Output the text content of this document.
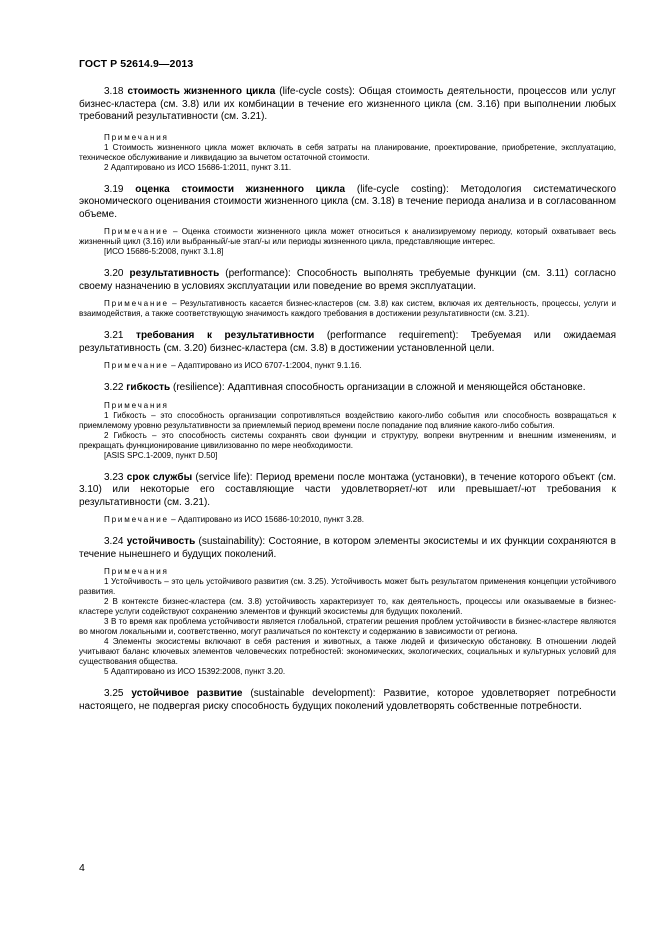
ГОСТ Р 52614.9—2013

3.18 стоимость жизненного цикла (life-cycle costs): Общая стоимость деятельности, процессов или услуг бизнес-кластера (см. 3.8) или их комбинации в течение его жизненного цикла (см. 3.16) при выполнении любых требований результативности (см. 3.21).

Примечания

1 Стоимость жизненного цикла может включать в себя затраты на планирование, проектирование, приобретение, эксплуатацию, техническое обслуживание и ликвидацию за вычетом остаточной стоимости.

2 Адаптировано из ИСО 15686-1:2011, пункт 3.11.

3.19 оценка стоимости жизненного цикла (life-cycle costing): Методология систематического экономического оценивания стоимости жизненного цикла (см. 3.18) в течение периода анализа и в согласованном объеме.

Примечание – Оценка стоимости жизненного цикла может относиться к анализируемому периоду, который охватывает весь жизненный цикл (3.16) или выбранный/-ые этап/-ы или периоды жизненного цикла, представляющие интерес.

[ИСО 15686-5:2008, пункт 3.1.8]

3.20 результативность (performance): Способность выполнять требуемые функции (см. 3.11) согласно своему назначению в условиях эксплуатации или поведение во время эксплуатации.

Примечание – Результативность касается бизнес-кластеров (см. 3.8) как систем, включая их деятельность, процессы, услуги и взаимодействия, а также соответствующую значимость каждого требования в достижении результативности (см. 3.21).

3.21 требования к результативности (performance requirement): Требуемая или ожидаемая результативность (см. 3.20) бизнес-кластера (см. 3.8) в достижении установленной цели.

Примечание – Адаптировано из ИСО 6707-1:2004, пункт 9.1.16.

3.22 гибкость (resilience): Адаптивная способность организации в сложной и меняющейся обстановке.

Примечания

1 Гибкость – это способность организации сопротивляться воздействию какого-либо события или способность возвращаться к приемлемому уровню результативности за приемлемый период времени после попадание под влияние какого-либо события.

2 Гибкость – это способность системы сохранять свои функции и структуру, вопреки внутренним и внешним изменениям, и прекращать функционирование цивилизованно по мере необходимости.

[ASIS SPC.1-2009, пункт D.50]

3.23 срок службы (service life): Период времени после монтажа (установки), в течение которого объект (см. 3.10) или некоторые его составляющие части удовлетворяет/-ют или превышает/-ют требования к результативности (см. 3.21).

Примечание – Адаптировано из ИСО 15686-10:2010, пункт 3.28.

3.24 устойчивость (sustainability): Состояние, в котором элементы экосистемы и их функции сохраняются в течение нынешнего и будущих поколений.

Примечания

1 Устойчивость – это цель устойчивого развития (см. 3.25). Устойчивость может быть результатом применения концепции устойчивого развития.

2 В контексте бизнес-кластера (см. 3.8) устойчивость характеризует то, как деятельность, процессы или оказываемые в бизнес-кластере услуги содействуют сохранению элементов и функций экосистемы для будущих поколений.

3 В то время как проблема устойчивости является глобальной, стратегии решения проблем устойчивости в бизнес-кластере являются во многом локальными и, соответственно, могут различаться по контексту и содержанию в зависимости от региона.

4 Элементы экосистемы включают в себя растения и животных, а также людей и физическую обстановку. В отношении людей учитывают баланс ключевых элементов человеческих потребностей: экономических, экологических, социальных и культурных условий для существования общества.

5 Адаптировано из ИСО 15392:2008, пункт 3.20.

3.25 устойчивое развитие (sustainable development): Развитие, которое удовлетворяет потребности настоящего, не подвергая риску способность будущих поколений удовлетворять собственные потребности.

4
